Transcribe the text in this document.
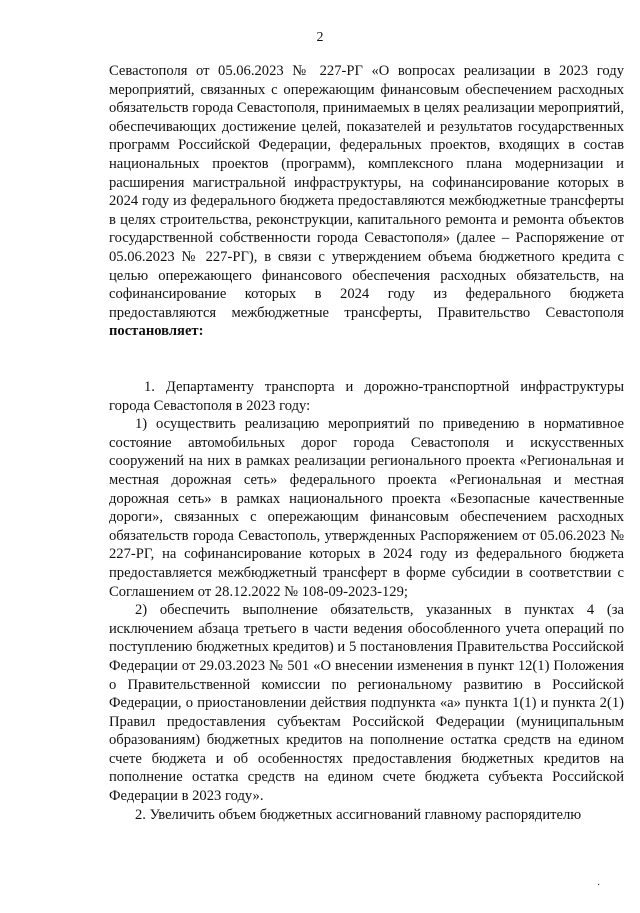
2

Севастополя от 05.06.2023 № 227-РГ «О вопросах реализации в 2023 году мероприятий, связанных с опережающим финансовым обеспечением расходных обязательств города Севастополя, принимаемых в целях реализации мероприятий, обеспечивающих достижение целей, показателей и результатов государственных программ Российской Федерации, федеральных проектов, входящих в состав национальных проектов (программ), комплексного плана модернизации и расширения магистральной инфраструктуры, на софинансирование которых в 2024 году из федерального бюджета предоставляются межбюджетные трансферты в целях строительства, реконструкции, капитального ремонта и ремонта объектов государственной собственности города Севастополя» (далее – Распоряжение от 05.06.2023 № 227-РГ), в связи с утверждением объема бюджетного кредита с целью опережающего финансового обеспечения расходных обязательств, на софинансирование которых в 2024 году из федерального бюджета предоставляются межбюджетные трансферты, Правительство Севастополя постановляет:

1. Департаменту транспорта и дорожно-транспортной инфраструктуры города Севастополя в 2023 году:

1) осуществить реализацию мероприятий по приведению в нормативное состояние автомобильных дорог города Севастополя и искусственных сооружений на них в рамках реализации регионального проекта «Региональная и местная дорожная сеть» федерального проекта «Региональная и местная дорожная сеть» в рамках национального проекта «Безопасные качественные дороги», связанных с опережающим финансовым обеспечением расходных обязательств города Севастополь, утвержденных Распоряжением от 05.06.2023 № 227-РГ, на софинансирование которых в 2024 году из федерального бюджета предоставляется межбюджетный трансферт в форме субсидии в соответствии с Соглашением от 28.12.2022 № 108-09-2023-129;

2) обеспечить выполнение обязательств, указанных в пунктах 4 (за исключением абзаца третьего в части ведения обособленного учета операций по поступлению бюджетных кредитов) и 5 постановления Правительства Российской Федерации от 29.03.2023 № 501 «О внесении изменения в пункт 12(1) Положения о Правительственной комиссии по региональному развитию в Российской Федерации, о приостановлении действия подпункта «а» пункта 1(1) и пункта 2(1) Правил предоставления субъектам Российской Федерации (муниципальным образованиям) бюджетных кредитов на пополнение остатка средств на едином счете бюджета и об особенностях предоставления бюджетных кредитов на пополнение остатка средств на едином счете бюджета субъекта Российской Федерации в 2023 году».

2. Увеличить объем бюджетных ассигнований главному распорядителю

·
